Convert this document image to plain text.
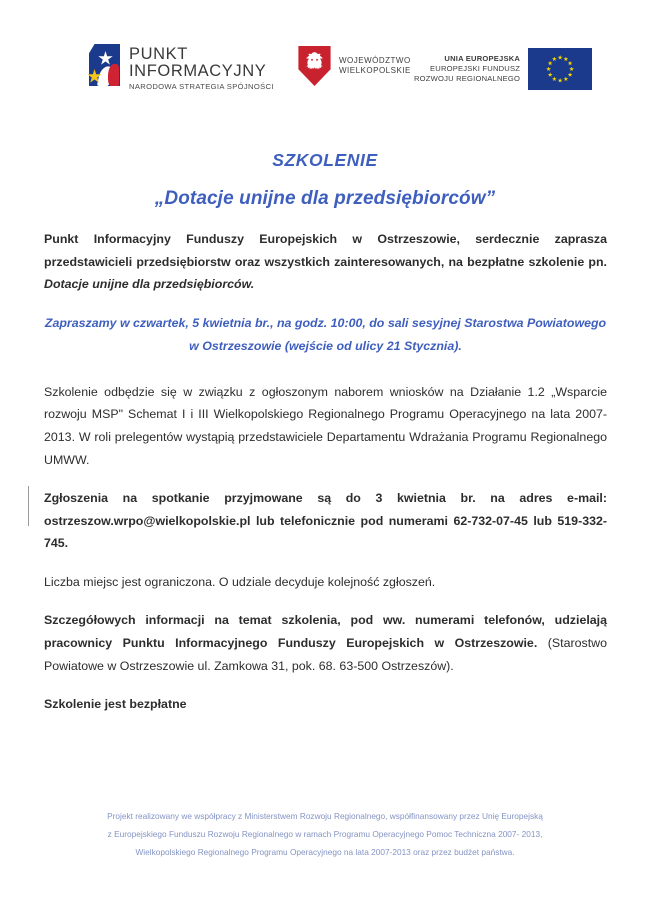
PUNKT
INFORMACYJNY
NARODOWA STRATEGIA SPÓJNOŚCI
WOJEWÓDZTWO
WIELKOPOLSKIE
UNIA EUROPEJSKA
EUROPEJSKI FUNDUSZ
ROZWOJU REGIONALNEGO
SZKOLENIE
„Dotacje unijne dla przedsiębiorców”

Punkt Informacyjny Funduszy Europejskich w Ostrzeszowie, serdecznie zaprasza przedstawicieli przedsiębiorstw oraz wszystkich zainteresowanych, na bezpłatne szkolenie pn. Dotacje unijne dla przedsiębiorców.

Zapraszamy w czwartek, 5 kwietnia br., na godz. 10:00, do sali sesyjnej Starostwa Powiatowego w Ostrzeszowie (wejście od ulicy 21 Stycznia).

Szkolenie odbędzie się w związku z ogłoszonym naborem wniosków na Działanie 1.2 „Wsparcie rozwoju MSP" Schemat I i III Wielkopolskiego Regionalnego Programu Operacyjnego na lata 2007-2013. W roli prelegentów wystąpią przedstawiciele Departamentu Wdrażania Programu Regionalnego UMWW.

Zgłoszenia na spotkanie przyjmowane są do 3 kwietnia br. na adres e-mail: ostrzeszow.wrpo@wielkopolskie.pl lub telefonicznie pod numerami 62-732-07-45 lub 519-332-745.

Liczba miejsc jest ograniczona. O udziale decyduje kolejność zgłoszeń.

Szczegółowych informacji na temat szkolenia, pod ww. numerami telefonów, udzielają pracownicy Punktu Informacyjnego Funduszy Europejskich w Ostrzeszowie. (Starostwo Powiatowe w Ostrzeszowie ul. Zamkowa 31, pok. 68. 63-500 Ostrzeszów).

Szkolenie jest bezpłatne

Projekt realizowany we współpracy z Ministerstwem Rozwoju Regionalnego, współfinansowany przez Unię Europejską
z Europejskiego Funduszu Rozwoju Regionalnego w ramach Programu Operacyjnego Pomoc Techniczna 2007- 2013,
Wielkopolskiego Regionalnego Programu Operacyjnego na lata 2007-2013 oraz przez budżet państwa.
